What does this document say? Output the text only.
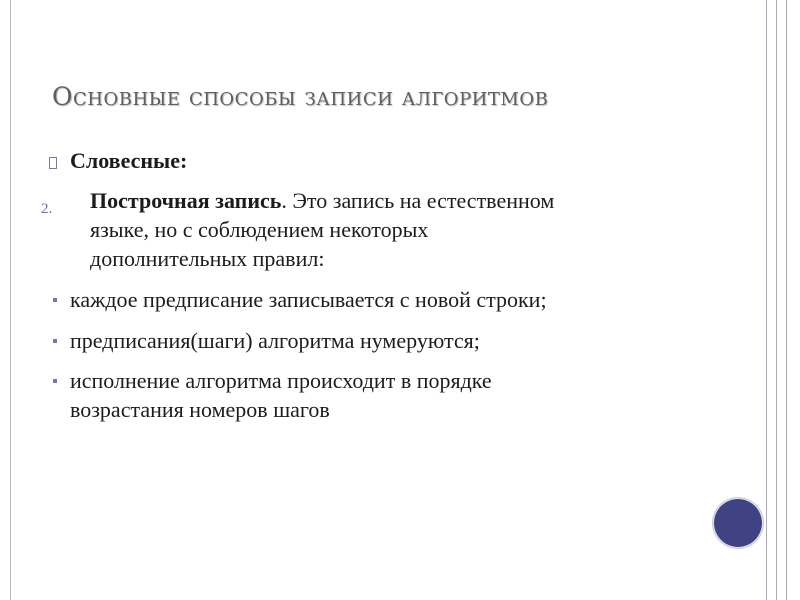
Основные способы записи алгоритмов
Словесные:
2. Построчная запись. Это запись на естественном
языке, но с соблюдением некоторых
дополнительных правил:
каждое предписание записывается с новой строки;
предписания(шаги) алгоритма нумеруются;
исполнение алгоритма происходит в порядке
возрастания номеров шагов
